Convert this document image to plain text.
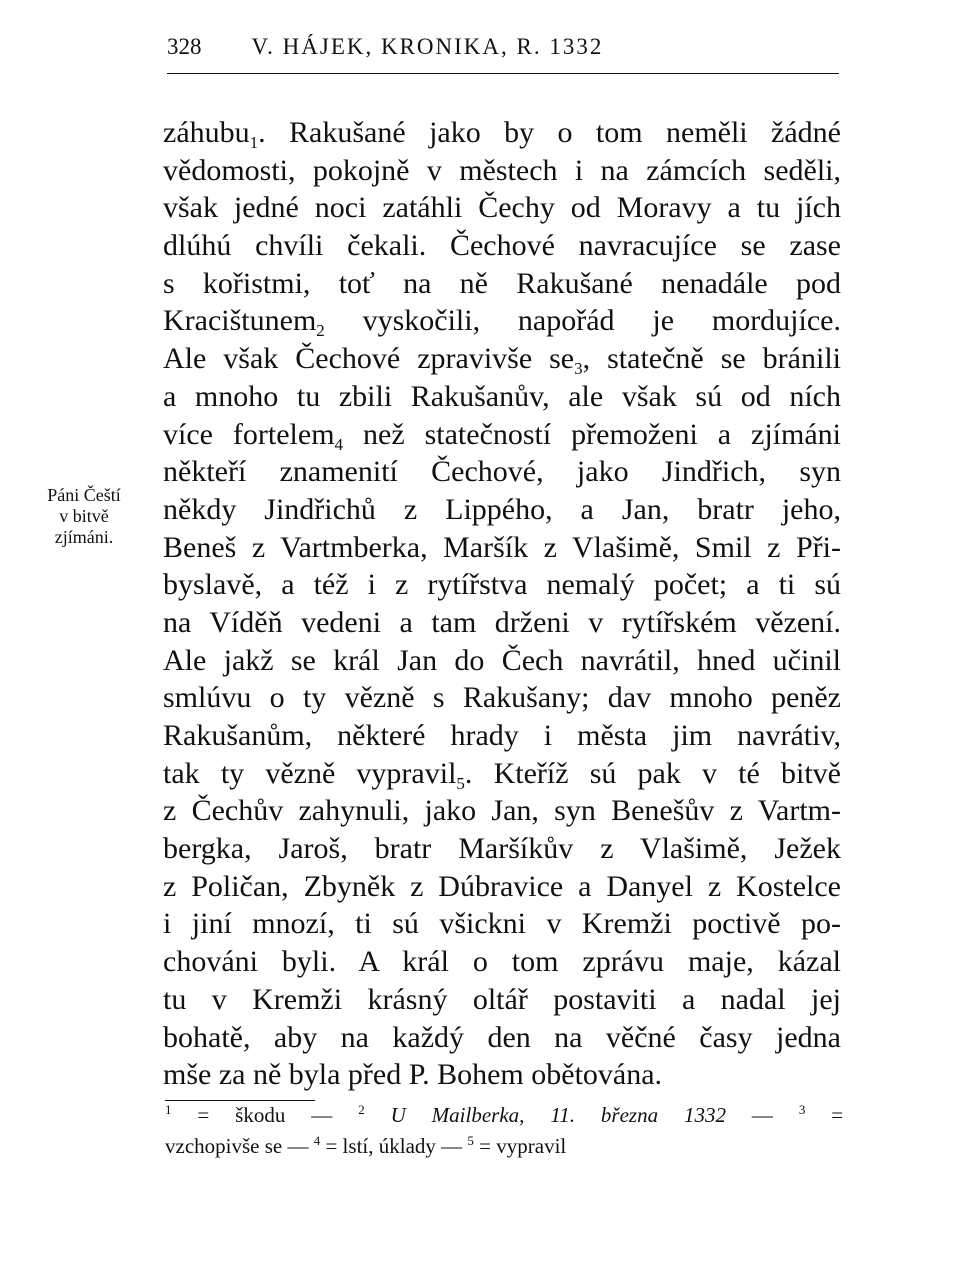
328 V. HÁJEK, KRONIKA, R. 1332
Páni Čeští
v bitvě
zjímáni.
záhubu$_1$. Rakušané jako by o tom neměli žádné
vědomosti, pokojně v městech i na zámcích seděli,
však jedné noci zatáhli Čechy od Moravy a tu jích
dlúhú chvíli čekali. Čechové navracujíce se zase
s kořistmi, toť na ně Rakušané nenadále pod
Kracištunem$_2$ vyskočili, napořád je mordujíce.
Ale však Čechové zpravivše $se_3$, statečně se bránili
a mnoho tu zbili Rakušanův, ale však sú od ních
více fortelem$_4$ než statečností přemoženi a zjímáni
někteří znamenití Čechové, jako Jindřich, syn
někdy Jindřichů z Lippého, a Jan, bratr jeho,
Beneš z Vartmberka, Maršík z Vlašimě, Smil z Při-
byslavě, a též i z rytířstva nemalý počet; a ti sú
na Víděň vedeni a tam drženi v rytířském vězení.
Ale jakž se král Jan do Čech navrátil, hned učinil
smlúvu o ty vězně s Rakušany; dav mnoho peněz
Rakušanům, některé hrady i města jim navrátiv,
tak ty vězně vypravil$_5$. Kteříž sú pak v té bitvě
z Čechův zahynuli, jako Jan, syn Benešův z Vartm-
bergka, Jaroš, bratr Maršíkův z Vlašimě, Ježek
z Poličan, Zbyněk z Dúbravice a Danyel z Kostelce
i jiní mnozí, ti sú všickni v Kremži poctivě po-
chováni byli. A král o tom zprávu maje, kázal
tu v Kremži krásný oltář postaviti a nadal jej
bohatě, aby na každý den na věčné časy jedna
mše za ně byla před P. Bohem obětována.
$^1$ = škodu — $^2$ U Mailberka, 11. března 1332 — $^3$ =
vzchopivše se — $^4$ = lstí, úklady — $^5$ = vypravil
